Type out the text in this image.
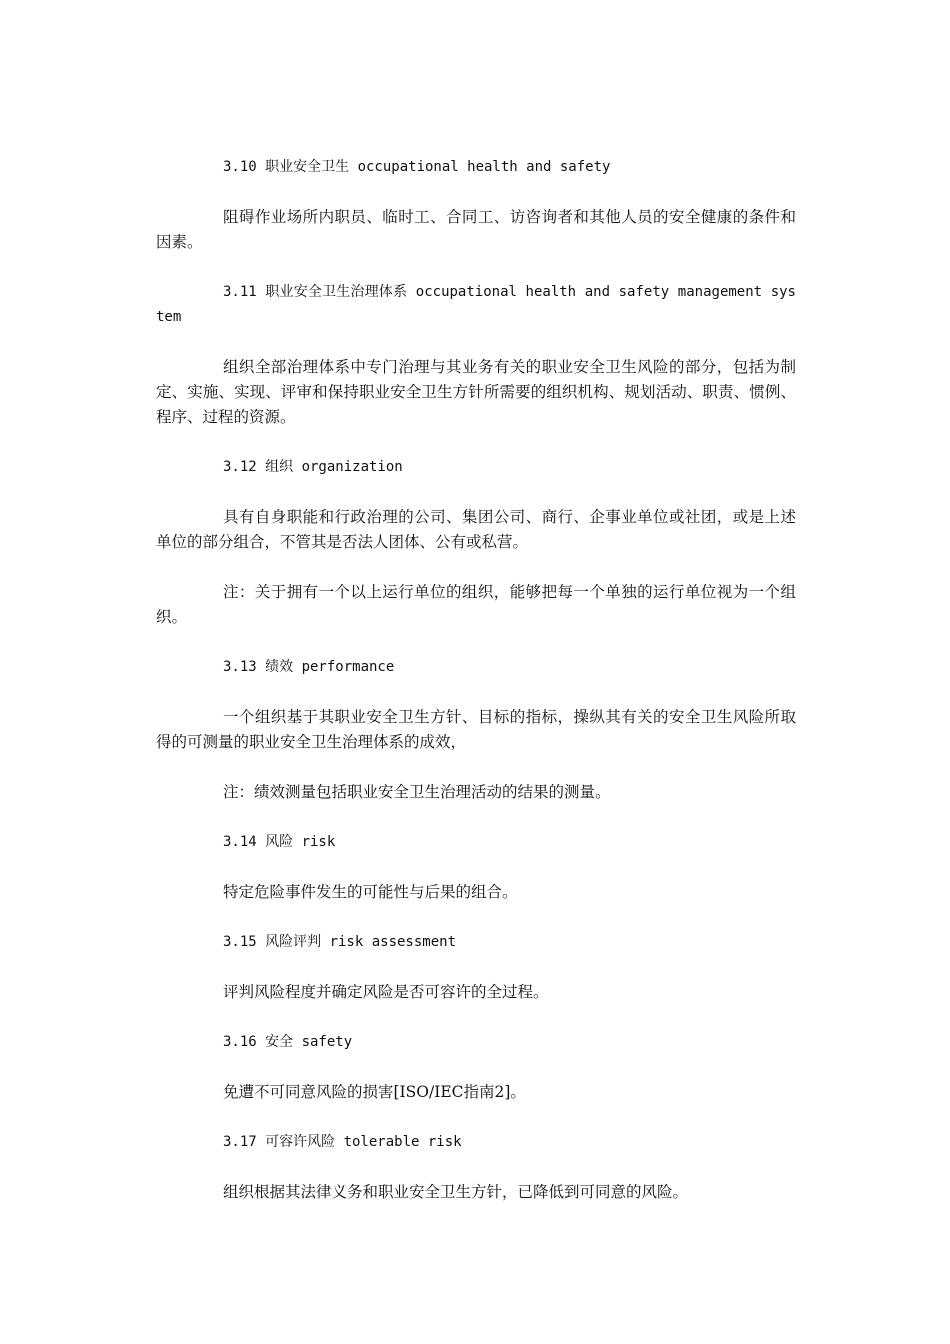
3.10 职业安全卫生 occupational health and safety

阻碍作业场所内职员、临时工、合同工、访咨询者和其他人员的安全健康的条件和因素。

3.11 职业安全卫生治理体系 occupational health and safety management system

组织全部治理体系中专门治理与其业务有关的职业安全卫生风险的部分，包括为制定、实施、实现、评审和保持职业安全卫生方针所需要的组织机构、规划活动、职责、惯例、程序、过程的资源。

3.12 组织 organization

具有自身职能和行政治理的公司、集团公司、商行、企事业单位或社团，或是上述单位的部分组合，不管其是否法人团体、公有或私营。

注：关于拥有一个以上运行单位的组织，能够把每一个单独的运行单位视为一个组织。

3.13 绩效 performance

一个组织基于其职业安全卫生方针、目标的指标，操纵其有关的安全卫生风险所取得的可测量的职业安全卫生治理体系的成效，

注：绩效测量包括职业安全卫生治理活动的结果的测量。

3.14 风险 risk

特定危险事件发生的可能性与后果的组合。

3.15 风险评判 risk assessment

评判风险程度并确定风险是否可容许的全过程。

3.16 安全 safety

免遭不可同意风险的损害[ISO/IEC指南2]。

3.17 可容许风险 tolerable risk

组织根据其法律义务和职业安全卫生方针，已降低到可同意的风险。
